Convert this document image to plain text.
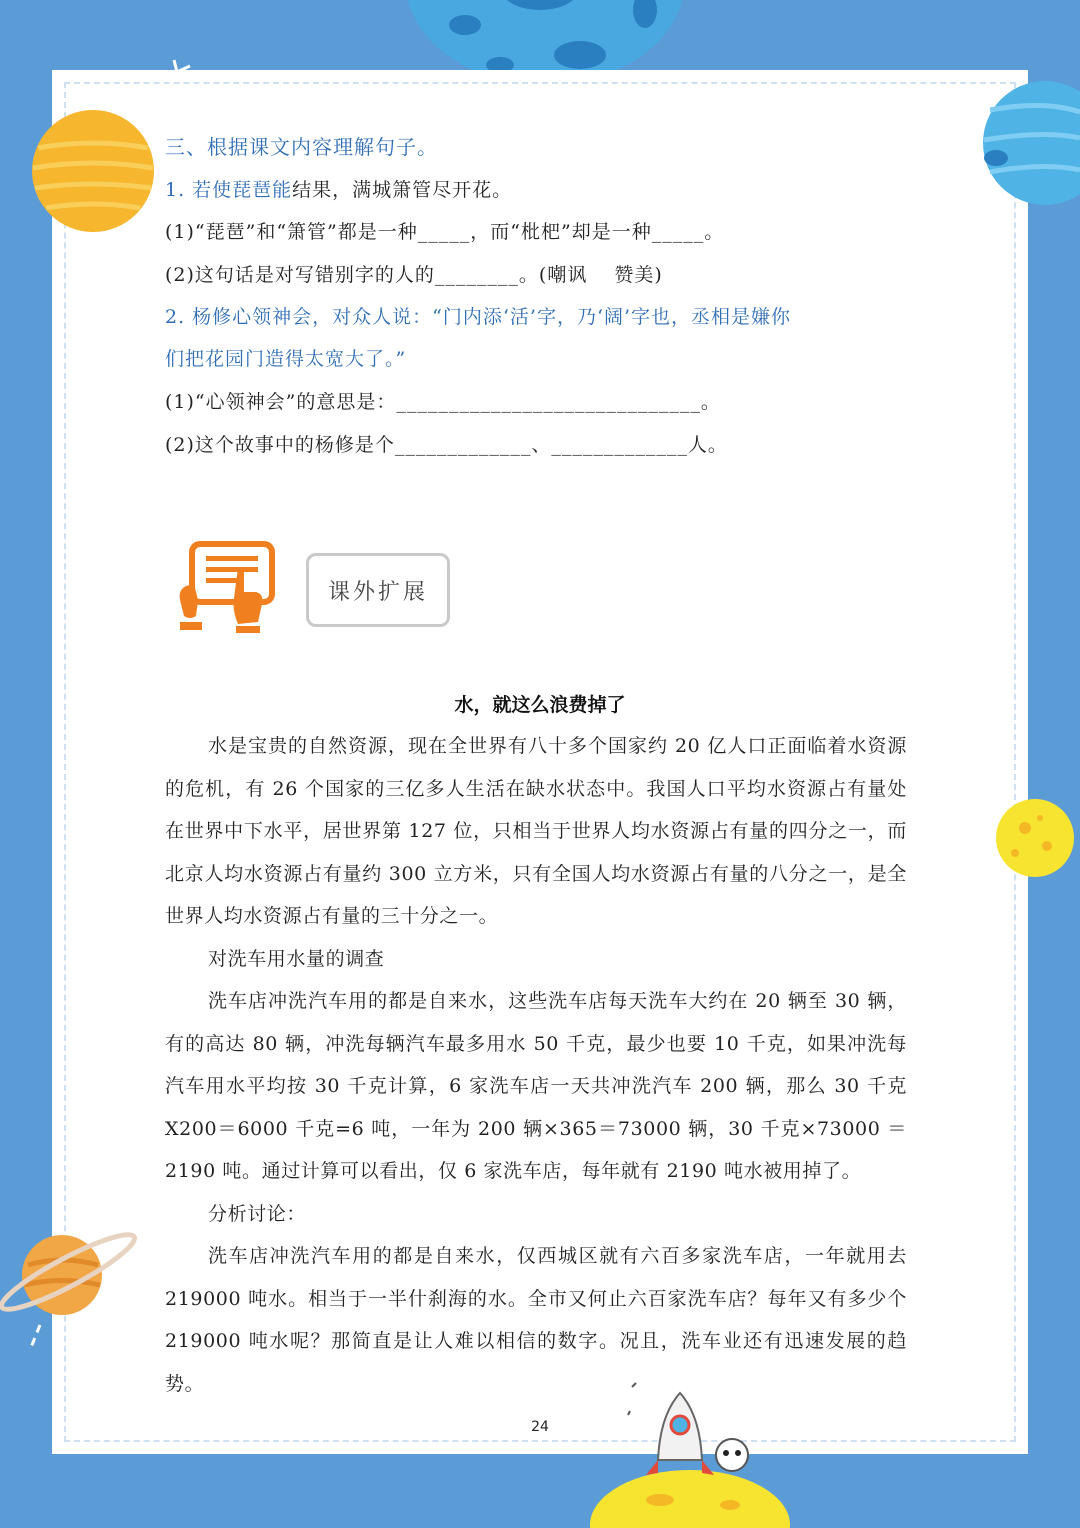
三、根据课文内容理解句子。
1. 若使琵琶能结果，满城箫管尽开花。
(1)“琵琶”和“箫管”都是一种_____，而“枇杷”却是一种_____。
(2)这句话是对写错别字的人的________。(嘲讽　 赞美)
2. 杨修心领神会，对众人说：“门内添‘活’字，乃‘阔’字也，丞相是嫌你
们把花园门造得太宽大了。”
(1)“心领神会”的意思是：_____________________________。
(2)这个故事中的杨修是个_____________、_____________人。
课外扩展
水，就这么浪费掉了

水是宝贵的自然资源，现在全世界有八十多个国家约 20 亿人口正面临着水资源的危机，有 26 个国家的三亿多人生活在缺水状态中。我国人口平均水资源占有量处在世界中下水平，居世界第 127 位，只相当于世界人均水资源占有量的四分之一，而北京人均水资源占有量约 300 立方米，只有全国人均水资源占有量的八分之一，是全世界人均水资源占有量的三十分之一。

对洗车用水量的调查

洗车店冲洗汽车用的都是自来水，这些洗车店每天洗车大约在 20 辆至 30 辆，有的高达 80 辆，冲洗每辆汽车最多用水 50 千克，最少也要 10 千克，如果冲洗每汽车用水平均按 30 千克计算，6 家洗车店一天共冲洗汽车 200 辆，那么 30 千克 X200＝6000 千克=6 吨，一年为 200 辆×365＝73000 辆，30 千克×73000 ＝2190 吨。通过计算可以看出，仅 6 家洗车店，每年就有 2190 吨水被用掉了。

分析讨论：

洗车店冲洗汽车用的都是自来水，仅西城区就有六百多家洗车店，一年就用去 219000 吨水。相当于一半什刹海的水。全市又何止六百家洗车店？每年又有多少个 219000 吨水呢？那简直是让人难以相信的数字。况且，洗车业还有迅速发展的趋势。

24
